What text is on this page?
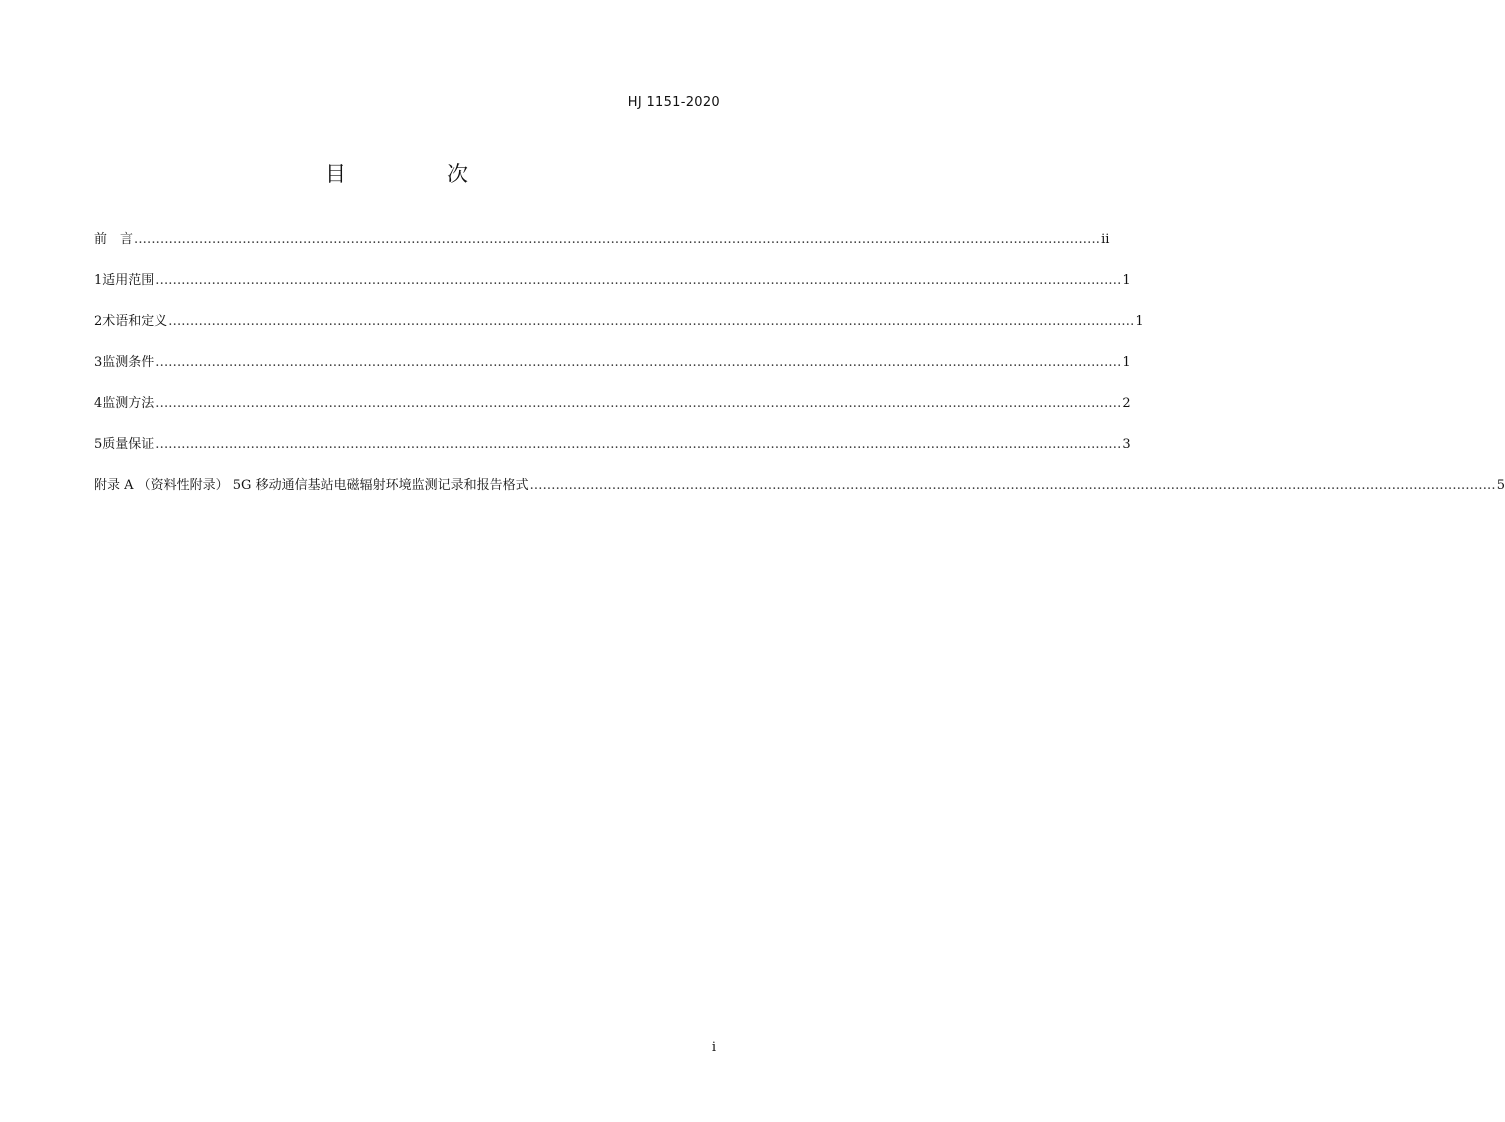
HJ 1151-2020
目　次
前　言 ............................................................................................................................................................................................................................... ii
1 适用范围 ............................................................................................................................................................................................................................... 1
2 术语和定义 ............................................................................................................................................................................................................................... 1
3 监测条件 ............................................................................................................................................................................................................................... 1
4 监测方法 ............................................................................................................................................................................................................................... 2
5 质量保证 ............................................................................................................................................................................................................................... 3
附录 A （资料性附录） 5G 移动通信基站电磁辐射环境监测记录和报告格式 ............................................................................................................................................................................................................................... 5
i
